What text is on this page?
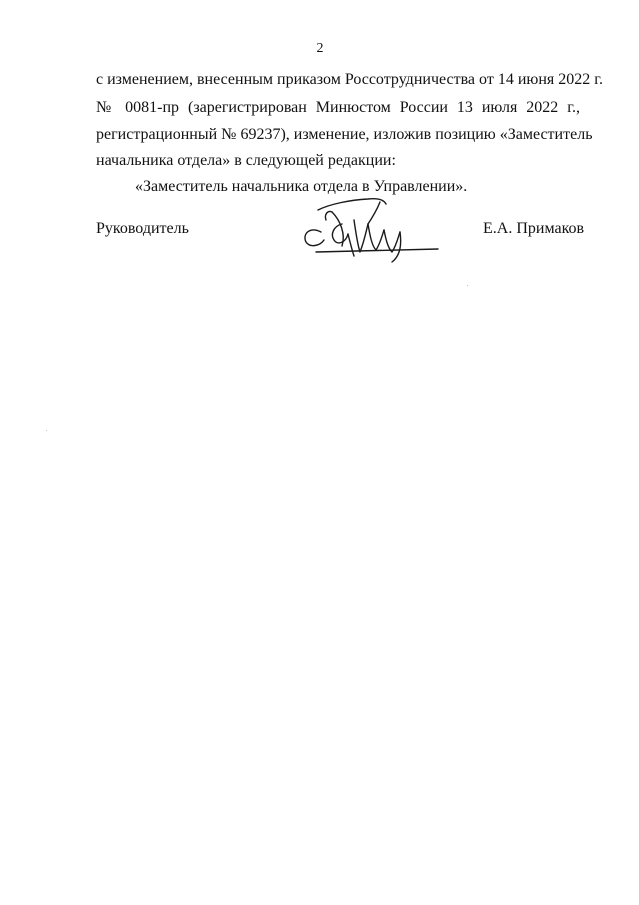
2
с изменением, внесенным приказом Россотрудничества от 14 июня 2022 г.
№ 0081-пр (зарегистрирован Минюстом России 13 июля 2022 г.,
регистрационный № 69237), изменение, изложив позицию «Заместитель
начальника отдела» в следующей редакции:
«Заместитель начальника отдела в Управлении».
Руководитель	Е.А. Примаков
